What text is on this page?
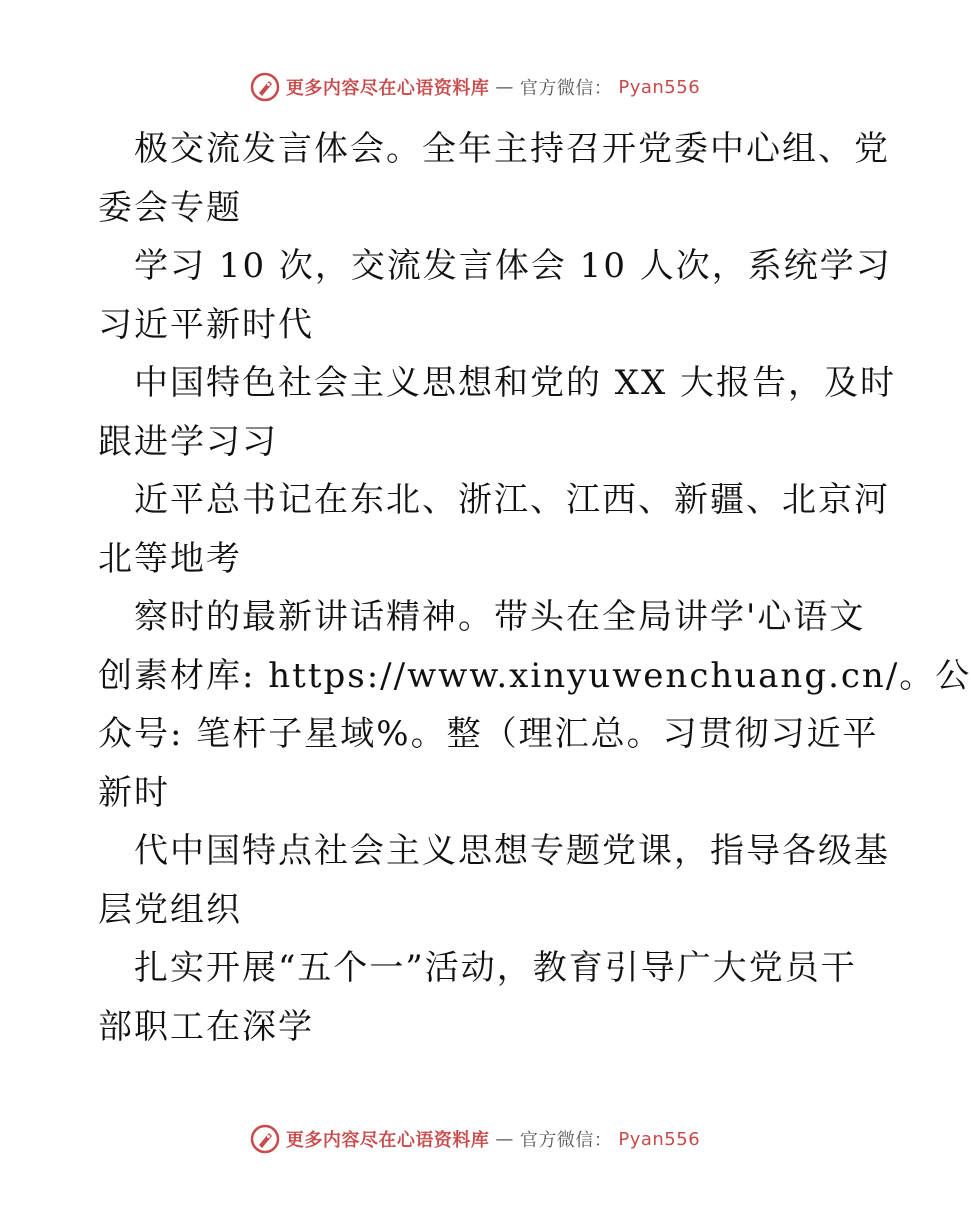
更多内容尽在心语资料库 — 官方微信： Pyan556
极交流发言体会。全年主持召开党委中心组、党
委会专题
学习 10 次，交流发言体会 10 人次，系统学习
习近平新时代
中国特色社会主义思想和党的 XX 大报告，及时
跟进学习习
近平总书记在东北、浙江、江西、新疆、北京河
北等地考
察时的最新讲话精神。带头在全局讲学'心语文
创素材库: https://www.xinyuwenchuang.cn/。公
众号: 笔杆子星域%。整（理汇总。习贯彻习近平
新时
代中国特点社会主义思想专题党课，指导各级基
层党组织
扎实开展“五个一”活动，教育引导广大党员干
部职工在深学
更多内容尽在心语资料库 — 官方微信： Pyan556
